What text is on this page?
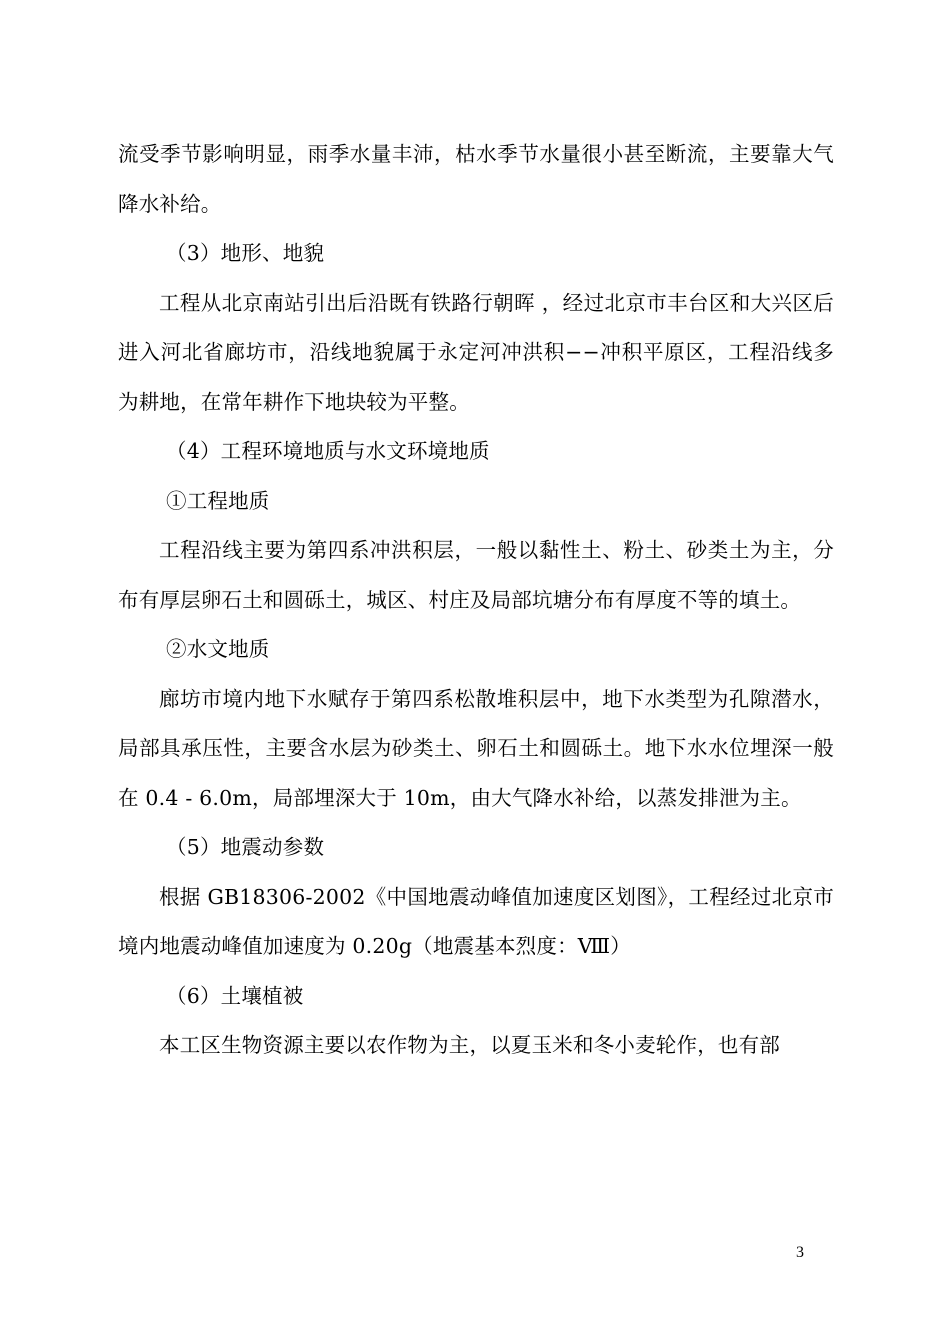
流受季节影响明显，雨季水量丰沛，枯水季节水量很小甚至断流，主要靠大气降水补给。

（3）地形、地貌

工程从北京南站引出后沿既有铁路行朝晖 ，经过北京市丰台区和大兴区后进入河北省廊坊市，沿线地貌属于永定河冲洪积−−冲积平原区，工程沿线多为耕地，在常年耕作下地块较为平整。

（4）工程环境地质与水文环境地质

①工程地质

工程沿线主要为第四系冲洪积层，一般以黏性土、粉土、砂类土为主，分布有厚层卵石土和圆砾土，城区、村庄及局部坑塘分布有厚度不等的填土。

②水文地质

廊坊市境内地下水赋存于第四系松散堆积层中，地下水类型为孔隙潜水，局部具承压性，主要含水层为砂类土、卵石土和圆砾土。地下水水位埋深一般在 0.4 - 6.0m，局部埋深大于 10m，由大气降水补给，以蒸发排泄为主。

（5）地震动参数

根据 GB18306-2002《中国地震动峰值加速度区划图》，工程经过北京市境内地震动峰值加速度为 0.20g（地震基本烈度：Ⅷ）

（6）土壤植被

本工区生物资源主要以农作物为主，以夏玉米和冬小麦轮作，也有部

3
